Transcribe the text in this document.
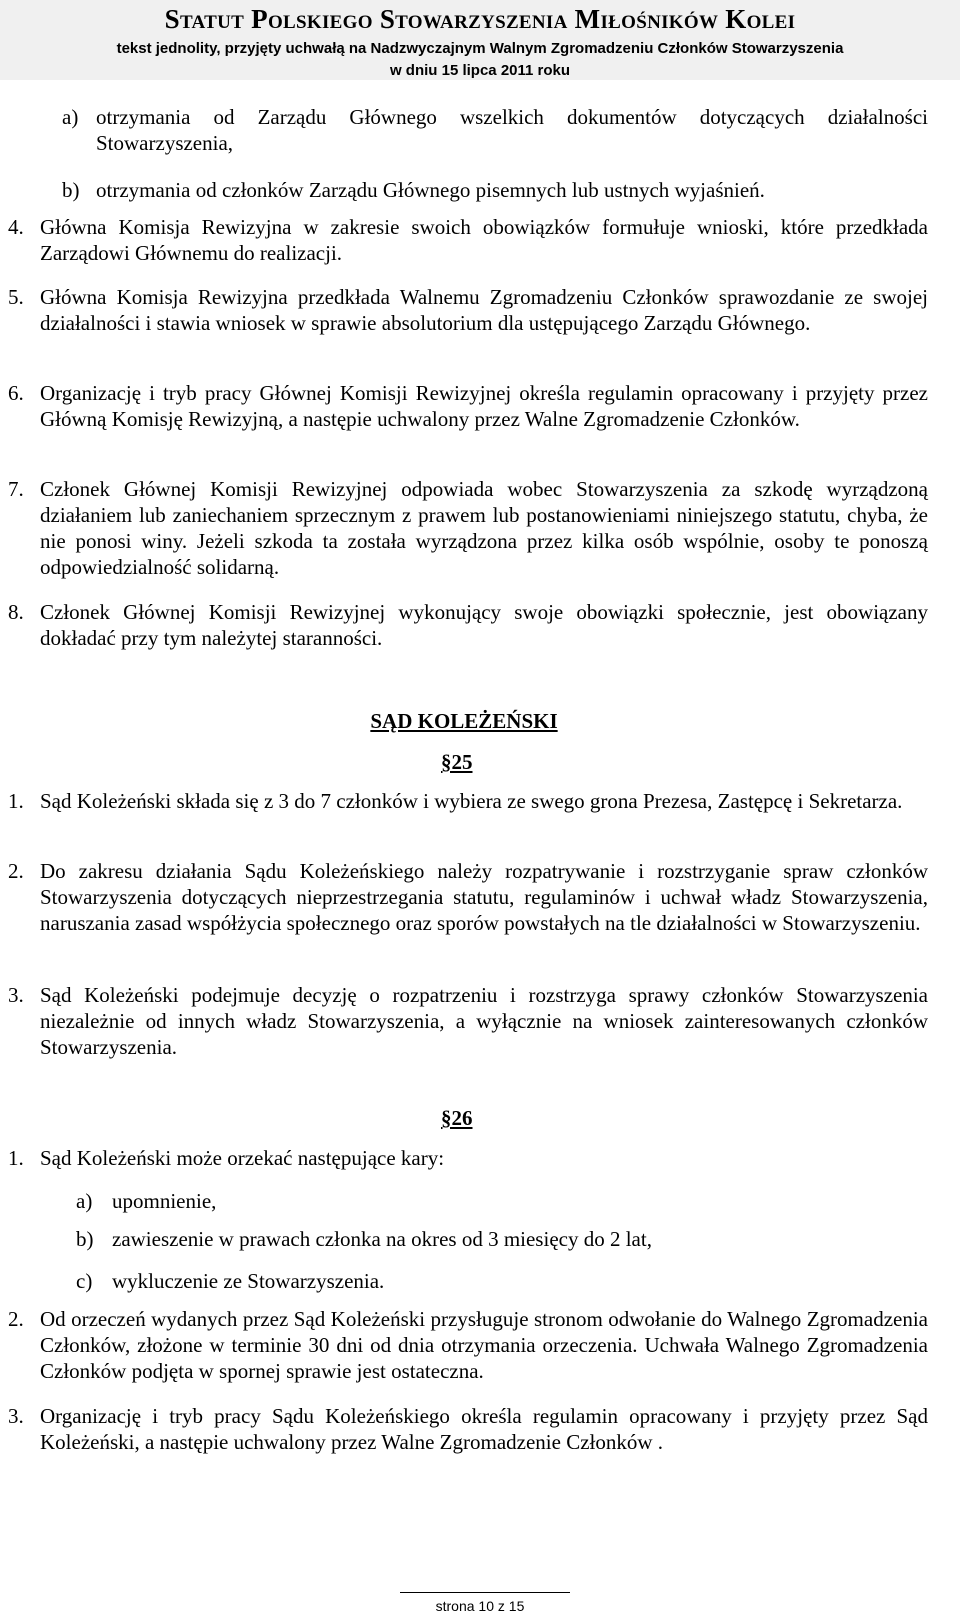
Statut Polskiego Stowarzyszenia Miłośników Kolei
tekst jednolity, przyjęty uchwałą na Nadzwyczajnym Walnym Zgromadzeniu Członków Stowarzyszenia
w dniu 15 lipca 2011 roku
a) otrzymania od Zarządu Głównego wszelkich dokumentów dotyczących działalności Stowarzyszenia,
b) otrzymania od członków Zarządu Głównego pisemnych lub ustnych wyjaśnień.
4. Główna Komisja Rewizyjna w zakresie swoich obowiązków formułuje wnioski, które przedkłada Zarządowi Głównemu do realizacji.
5. Główna Komisja Rewizyjna przedkłada Walnemu Zgromadzeniu Członków sprawozdanie ze swojej działalności i stawia wniosek w sprawie absolutorium dla ustępującego Zarządu Głównego.
6. Organizację i tryb pracy Głównej Komisji Rewizyjnej określa regulamin opracowany i przyjęty przez Główną Komisję Rewizyjną, a następie uchwalony przez Walne Zgromadzenie Członków.
7. Członek Głównej Komisji Rewizyjnej odpowiada wobec Stowarzyszenia za szkodę wyrządzoną działaniem lub zaniechaniem sprzecznym z prawem lub postanowieniami niniejszego statutu, chyba, że nie ponosi winy. Jeżeli szkoda ta została wyrządzona przez kilka osób wspólnie, osoby te ponoszą odpowiedzialność solidarną.
8. Członek Głównej Komisji Rewizyjnej wykonujący swoje obowiązki społecznie, jest obowiązany dokładać przy tym należytej staranności.
SĄD KOLEŻEŃSKI
§25
1. Sąd Koleżeński składa się z 3 do 7 członków i wybiera ze swego grona Prezesa, Zastępcę i Sekretarza.
2. Do zakresu działania Sądu Koleżeńskiego należy rozpatrywanie i rozstrzyganie spraw członków Stowarzyszenia dotyczących nieprzestrzegania statutu, regulaminów i uchwał władz Stowarzyszenia, naruszania zasad współżycia społecznego oraz sporów powstałych na tle działalności w Stowarzyszeniu.
3. Sąd Koleżeński podejmuje decyzję o rozpatrzeniu i rozstrzyga sprawy członków Stowarzyszenia niezależnie od innych władz Stowarzyszenia, a wyłącznie na wniosek zainteresowanych członków Stowarzyszenia.
§26
1. Sąd Koleżeński może orzekać następujące kary:
a) upomnienie,
b) zawieszenie w prawach członka na okres od 3 miesięcy do 2 lat,
c) wykluczenie ze Stowarzyszenia.
2. Od orzeczeń wydanych przez Sąd Koleżeński przysługuje stronom odwołanie do Walnego Zgromadzenia Członków, złożone w terminie 30 dni od dnia otrzymania orzeczenia. Uchwała Walnego Zgromadzenia Członków podjęta w spornej sprawie jest ostateczna.
3. Organizację i tryb pracy Sądu Koleżeńskiego określa regulamin opracowany i przyjęty przez Sąd Koleżeński, a następie uchwalony przez Walne Zgromadzenie Członków .
strona 10 z 15
